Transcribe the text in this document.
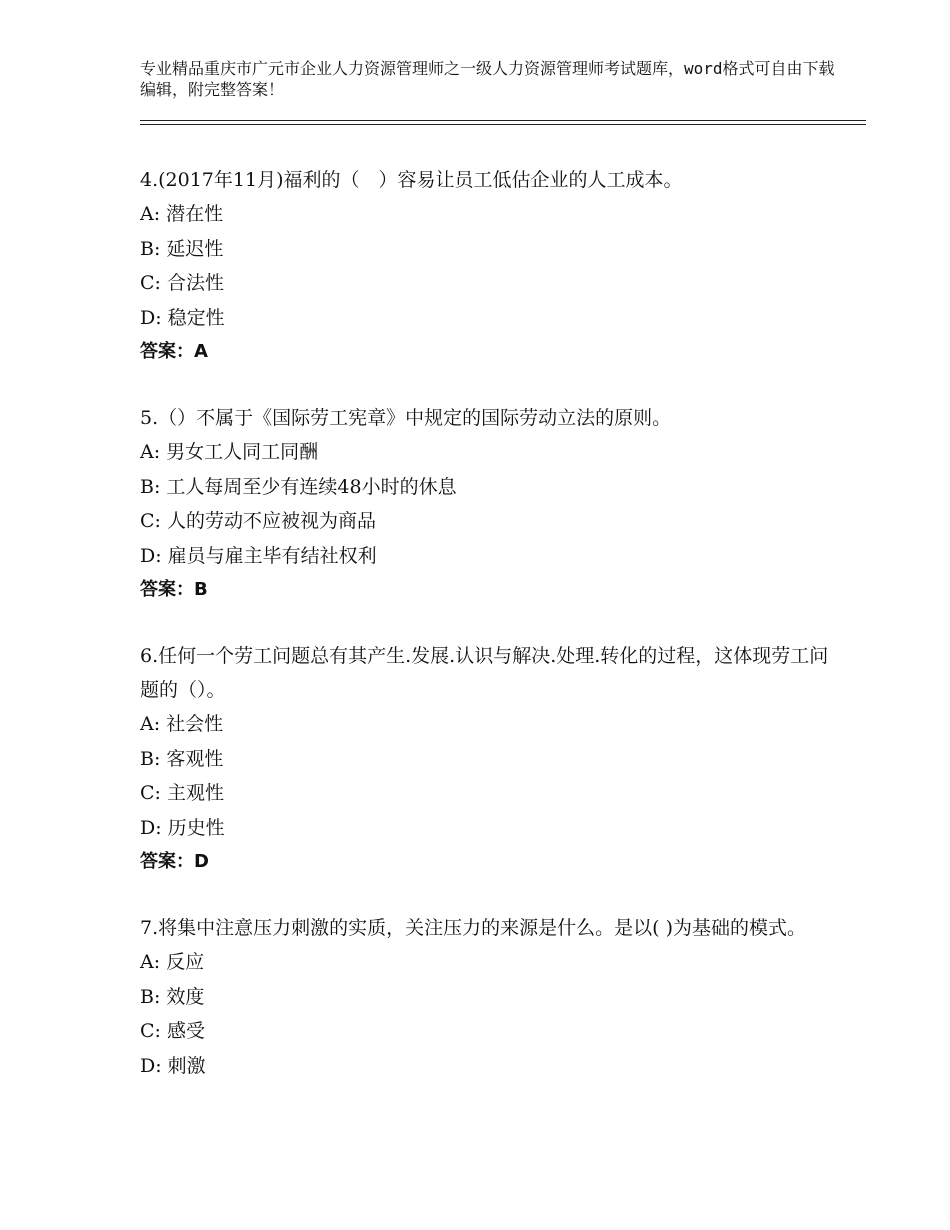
专业精品重庆市广元市企业人力资源管理师之一级人力资源管理师考试题库，word格式可自由下载编辑，附完整答案！
4.(2017年11月)福利的（　）容易让员工低估企业的人工成本。
A: 潜在性
B: 延迟性
C: 合法性
D: 稳定性
答案：A
5.（）不属于《国际劳工宪章》中规定的国际劳动立法的原则。
A: 男女工人同工同酬
B: 工人每周至少有连续48小时的休息
C: 人的劳动不应被视为商品
D: 雇员与雇主毕有结社权利
答案：B
6.任何一个劳工问题总有其产生.发展.认识与解决.处理.转化的过程，这体现劳工问题的（）。
A: 社会性
B: 客观性
C: 主观性
D: 历史性
答案：D
7.将集中注意压力刺激的实质，关注压力的来源是什么。是以( )为基础的模式。
A: 反应
B: 效度
C: 感受
D: 刺激
